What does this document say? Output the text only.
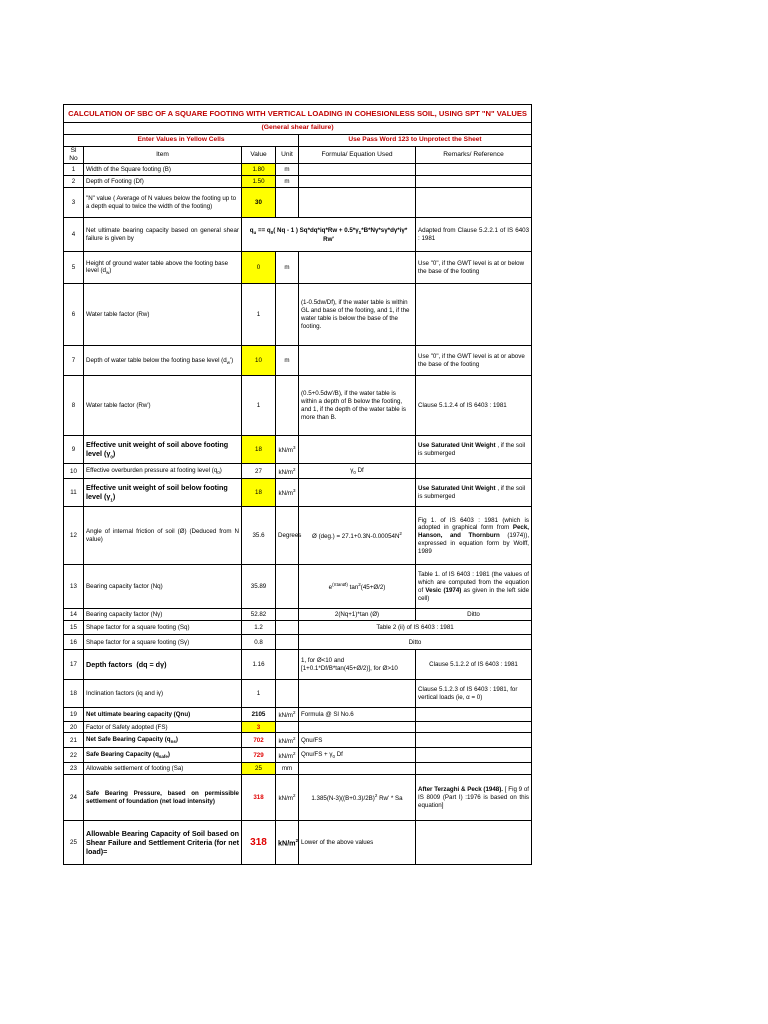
CALCULATION OF SBC OF A SQUARE FOOTING WITH VERTICAL LOADING IN COHESIONLESS SOIL, USING SPT "N" VALUES					
(General shear failure)					
Enter Values in Yellow Cells				Use Pass Word 123 to Unprotect the Sheet	
Sl No	Item	Value	Unit	Formula/ Equation Used	Remarks/ Reference
1	Width of the Square footing (B)	1.80	m		
2	Depth of Footing (Df)	1.50	m		
3	"N" value ( Average of N values below the footing up to a depth equal to twice the width of the footing)	30			
4	Net ultimate bearing capacity based on general shear failure is given by	$q_u == q_0$( Nq - 1 ) $Sq*dq*iq*Rw + 0.5*\gamma_1*B*N\gamma*s\gamma*d\gamma*i\gamma*$ Rw'			Adapted from Clause 5.2.2.1 of IS 6403 : 1981
5	Height of ground water table above the footing base level $(d_w)$	0	m		Use "0", if the GWT level is at or below the base of the footing
6	Water table factor (Rw)	1		(1-0.5dw/Df), if the water table is within GL and base of the footing, and 1, if the water table is below the base of the footing.	
7	Depth of water table below the footing base level $(d_w')$	10	m		Use "0", if the GWT level is at or above the base of the footing
8	Water table factor (Rw')	1		(0.5+0.5dw'/B), if the water table is within a depth of B below the footing, and 1, if the depth of the water table is more than B.	Clause 5.1.2.4 of IS 6403 : 1981
9	Effective unit weight of soil above footing level $(\gamma_0)$	18	$kN/m^3$		Use Saturated Unit Weight , if the soil is submerged
10	Effective overburden pressure at footing level $(q_0)$	27	$kN/m^2$	$\gamma_0$ Df	
11	Effective unit weight of soil below footing level $(\gamma_1)$	18	$kN/m^3$		Use Saturated Unit Weight , if the soil is submerged
12	Angle of internal friction of soil (Ø) (Deduced from N value)	35.6	Degrees	Ø $(deg.) = 27.1+0.3N-0.00054N^2$	Fig 1. of IS 6403 : 1981 (which is adopted in graphical form from Peck, Hanson, and Thornburn (1974)), expressed in equation form by Wolff, 1989
13	Bearing capacity factor (Nq)	35.89		$e^{(\pi tanØ)}$ $\tan^2(45+Ø/2)$	Table 1. of IS 6403 : 1981 (the values of which are computed from the equation of Vesic (1974) as given in the left side cell)
14	Bearing capacity factor (Nγ)	52.82		2(Nq+1)*tan (Ø)	Ditto
15	Shape factor for a square footing (Sq)	1.2		Table 2 (ii) of IS 6403 : 1981	
16	Shape factor for a square footing (Sγ)	0.8		Ditto	
17	Depth factors  (dq = dγ)	1.16		1, for Ø<10 and [1+0.1*Df/B*tan(45+Ø/2)], for Ø>10	Clause 5.1.2.2 of IS 6403 : 1981
18	Inclination factors (iq and iγ)	1			Clause 5.1.2.3 of IS 6403 : 1981, for vertical loads (ie, α = 0)
19	Net ultimate bearing capacity (Qnu)	2105	$kN/m^2$	Formula @ Sl No.6	
20	Factor of Safety adopted (FS)	3			
21	Net Safe Bearing Capacity $(q_{ns})$	702	$kN/m^2$	Qnu/FS	
22	Safe Bearing Capacity $(q_{safe})$	729	$kN/m^2$	$Qnu/FS + \gamma_0$ Df	
23	Allowable settlement of footing (Sa)	25	mm		
24	Safe Bearing Pressure, based on permissible settlement of foundation (net load intensity)	318	$kN/m^2$	$1.385(N-3)((B+0.3)/2B)^2$ Rw' * Sa	After Terzaghi & Peck (1948). [ Fig 9 of IS 8009 (Part I) :1976 is based on this equation]
25	Allowable Bearing Capacity of Soil based on Shear Failure and Settlement Criteria (for net load)=	318	$kN/m^2$	Lower of the above values	
